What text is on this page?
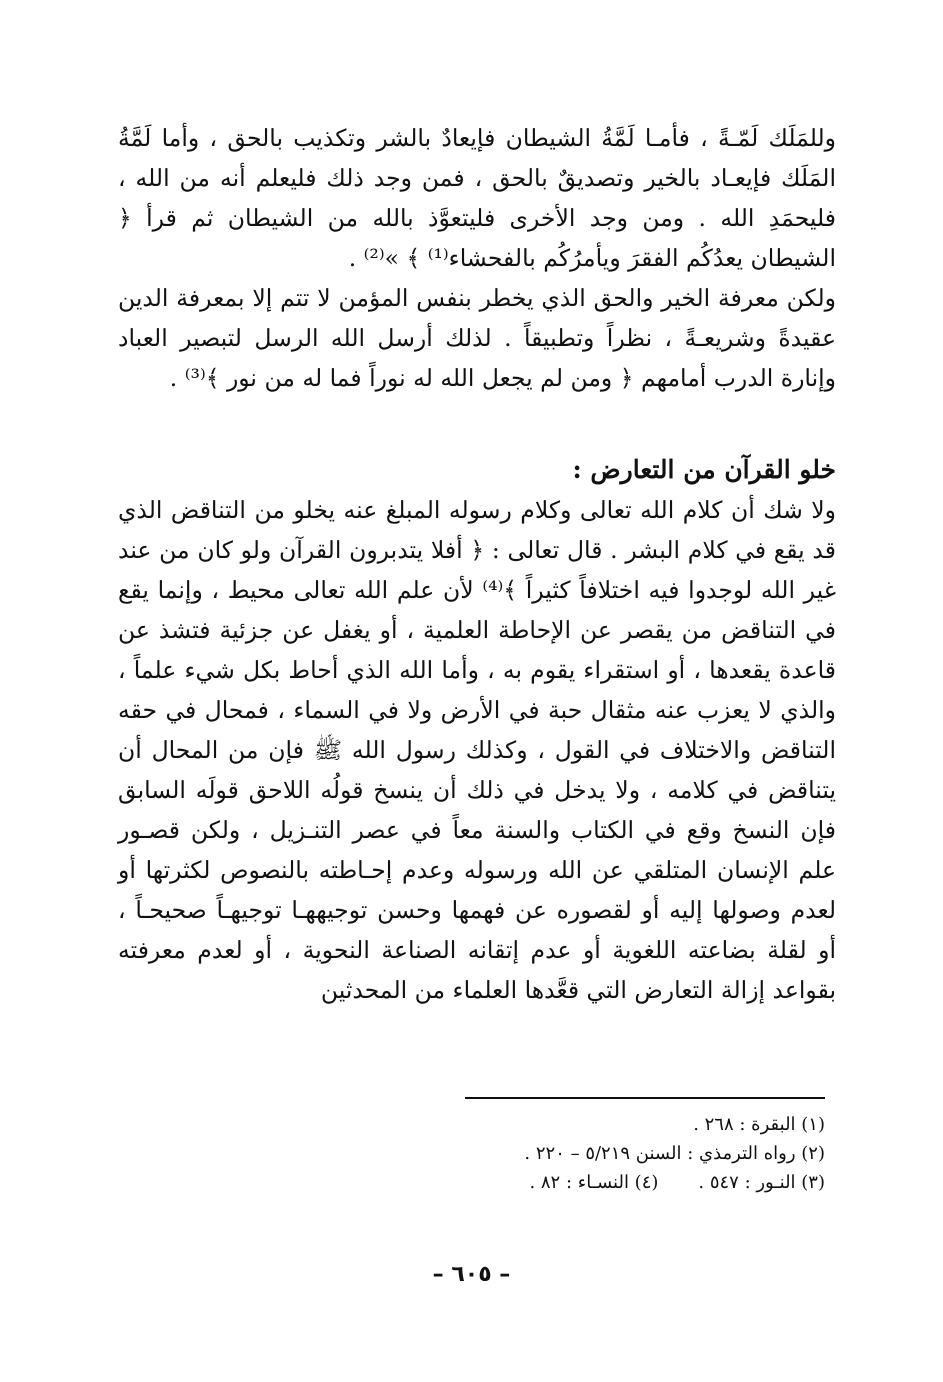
وللمَلَك لَمّـةً ، فأمـا لَمَّةُ الشيطان فإيعادٌ بالشر وتكذيب بالحق ، وأما لَمَّةُ المَلَك فإيعـاد بالخير وتصديقٌ بالحق ، فمن وجد ذلك فليعلم أنه من الله ، فليحمَدِ الله . ومن وجد الأخرى فليتعوَّذ بالله من الشيطان ثم قرأ ﴿ الشيطان يعدُكُم الفقرَ ويأمرُكُم بالفحشاء⁽¹⁾ ﴾ »⁽²⁾ .

ولكن معرفة الخير والحق الذي يخطر بنفس المؤمن لا تتم إلا بمعرفة الدين عقيدةً وشريعـةً ، نظراً وتطبيقاً . لذلك أرسل الله الرسل لتبصير العباد وإنارة الدرب أمامهم ﴿ ومن لم يجعل الله له نوراً فما له من نور ﴾⁽³⁾ .

خلو القرآن من التعارض :

ولا شك أن كلام الله تعالى وكلام رسوله المبلغ عنه يخلو من التناقض الذي قد يقع في كلام البشر . قال تعالى : ﴿ أفلا يتدبرون القرآن ولو كان من عند غير الله لوجدوا فيه اختلافاً كثيراً ﴾⁽⁴⁾ لأن علم الله تعالى محيط ، وإنما يقع في التناقض من يقصر عن الإحاطة العلمية ، أو يغفل عن جزئية فتشذ عن قاعدة يقعدها ، أو استقراء يقوم به ، وأما الله الذي أحاط بكل شيء علماً ، والذي لا يعزب عنه مثقال حبة في الأرض ولا في السماء ، فمحال في حقه التناقض والاختلاف في القول ، وكذلك رسول الله ﷺ فإن من المحال أن يتناقض في كلامه ، ولا يدخل في ذلك أن ينسخ قولُه اللاحق قولَه السابق فإن النسخ وقع في الكتاب والسنة معاً في عصر التنـزيل ، ولكن قصـور علم الإنسان المتلقي عن الله ورسوله وعدم إحـاطته بالنصوص لكثرتها أو لعدم وصولها إليه أو لقصوره عن فهمها وحسن توجيههـا توجيهـاً صحيحـاً ، أو لقلة بضاعته اللغوية أو عدم إتقانه الصناعة النحوية ، أو لعدم معرفته بقواعد إزالة التعارض التي قعَّدها العلماء من المحدثين

(١) البقرة : ٢٦٨ .
(٢) رواه الترمذي : السنن ٥/٢١٩ – ٢٢٠ .
(٣) النـور : ٥٤٧ .(٤) النسـاء : ٨٢ .
– ٦٠٥ –
